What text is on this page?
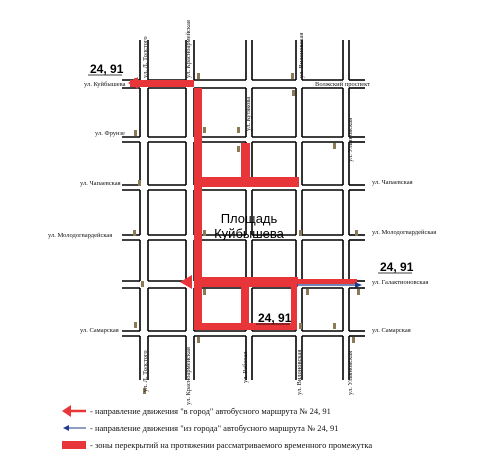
Площадь
Куйбышева
24, 91
24, 91
24, 91
ул. Куйбышева
ул. Фрунзе
ул. Чапаевская	ул. Чапаевская
ул. Молодогвардейская	ул. Молодогвардейская
ул. Галактионовская
ул. Самарская	ул. Самарская
Волжский проспект
ул. Л. Толстого
ул. Л. Толстого
ул. Красноармейская
ул. Красноармейская
ул. Кутякова
ул. Рабочая
ул. Вилоновская
ул. Вилоновская
ул. Ульяновская
ул. Ульяновская
- направление движения "в город" автобусного маршрута № 24, 91
- направление движения "из города" автобусного маршрута № 24, 91
- зоны перекрытий на протяжении рассматриваемого временного промежутка
